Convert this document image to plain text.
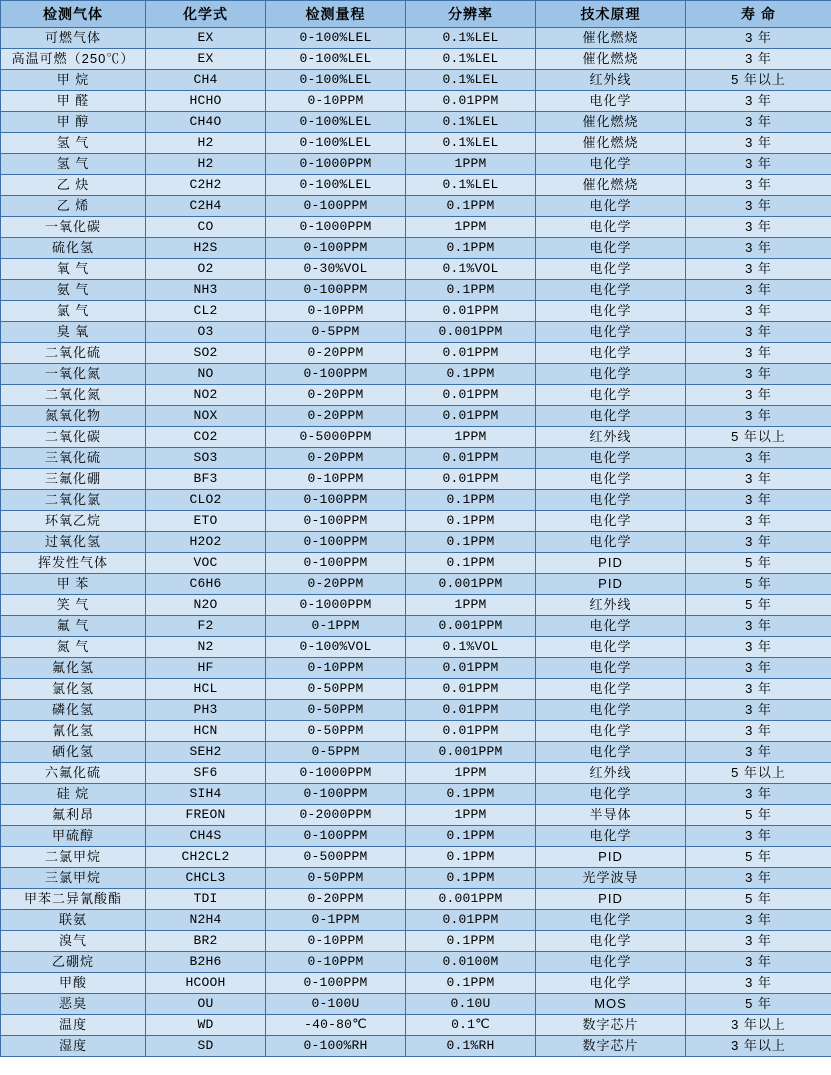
检测气体	化学式	检测量程	分辨率	技术原理	寿 命
可燃气体	EX	0-100%LEL	0.1%LEL	催化燃烧	3 年
高温可燃（250℃）	EX	0-100%LEL	0.1%LEL	催化燃烧	3 年
甲 烷	CH4	0-100%LEL	0.1%LEL	红外线	5 年以上
甲 醛	HCHO	0-10PPM	0.01PPM	电化学	3 年
甲 醇	CH4O	0-100%LEL	0.1%LEL	催化燃烧	3 年
氢 气	H2	0-100%LEL	0.1%LEL	催化燃烧	3 年
氢 气	H2	0-1000PPM	1PPM	电化学	3 年
乙 炔	C2H2	0-100%LEL	0.1%LEL	催化燃烧	3 年
乙 烯	C2H4	0-100PPM	0.1PPM	电化学	3 年
一氧化碳	CO	0-1000PPM	1PPM	电化学	3 年
硫化氢	H2S	0-100PPM	0.1PPM	电化学	3 年
氧 气	O2	0-30%VOL	0.1%VOL	电化学	3 年
氨 气	NH3	0-100PPM	0.1PPM	电化学	3 年
氯 气	CL2	0-10PPM	0.01PPM	电化学	3 年
臭 氧	O3	0-5PPM	0.001PPM	电化学	3 年
二氧化硫	SO2	0-20PPM	0.01PPM	电化学	3 年
一氧化氮	NO	0-100PPM	0.1PPM	电化学	3 年
二氧化氮	NO2	0-20PPM	0.01PPM	电化学	3 年
氮氧化物	NOX	0-20PPM	0.01PPM	电化学	3 年
二氧化碳	CO2	0-5000PPM	1PPM	红外线	5 年以上
三氧化硫	SO3	0-20PPM	0.01PPM	电化学	3 年
三氟化硼	BF3	0-10PPM	0.01PPM	电化学	3 年
二氧化氯	CLO2	0-100PPM	0.1PPM	电化学	3 年
环氧乙烷	ETO	0-100PPM	0.1PPM	电化学	3 年
过氧化氢	H2O2	0-100PPM	0.1PPM	电化学	3 年
挥发性气体	VOC	0-100PPM	0.1PPM	PID	5 年
甲 苯	C6H6	0-20PPM	0.001PPM	PID	5 年
笑 气	N2O	0-1000PPM	1PPM	红外线	5 年
氟 气	F2	0-1PPM	0.001PPM	电化学	3 年
氮 气	N2	0-100%VOL	0.1%VOL	电化学	3 年
氟化氢	HF	0-10PPM	0.01PPM	电化学	3 年
氯化氢	HCL	0-50PPM	0.01PPM	电化学	3 年
磷化氢	PH3	0-50PPM	0.01PPM	电化学	3 年
氰化氢	HCN	0-50PPM	0.01PPM	电化学	3 年
硒化氢	SEH2	0-5PPM	0.001PPM	电化学	3 年
六氟化硫	SF6	0-1000PPM	1PPM	红外线	5 年以上
硅 烷	SIH4	0-100PPM	0.1PPM	电化学	3 年
氟利昂	FREON	0-2000PPM	1PPM	半导体	5 年
甲硫醇	CH4S	0-100PPM	0.1PPM	电化学	3 年
二氯甲烷	CH2CL2	0-500PPM	0.1PPM	PID	5 年
三氯甲烷	CHCL3	0-50PPM	0.1PPM	光学波导	3 年
甲苯二异氰酸酯	TDI	0-20PPM	0.001PPM	PID	5 年
联氨	N2H4	0-1PPM	0.01PPM	电化学	3 年
溴气	BR2	0-10PPM	0.1PPM	电化学	3 年
乙硼烷	B2H6	0-10PPM	0.0100M	电化学	3 年
甲酸	HCOOH	0-100PPM	0.1PPM	电化学	3 年
恶臭	OU	0-100U	0.10U	MOS	5 年
温度	WD	-40-80℃	0.1℃	数字芯片	3 年以上
湿度	SD	0-100%RH	0.1%RH	数字芯片	3 年以上
